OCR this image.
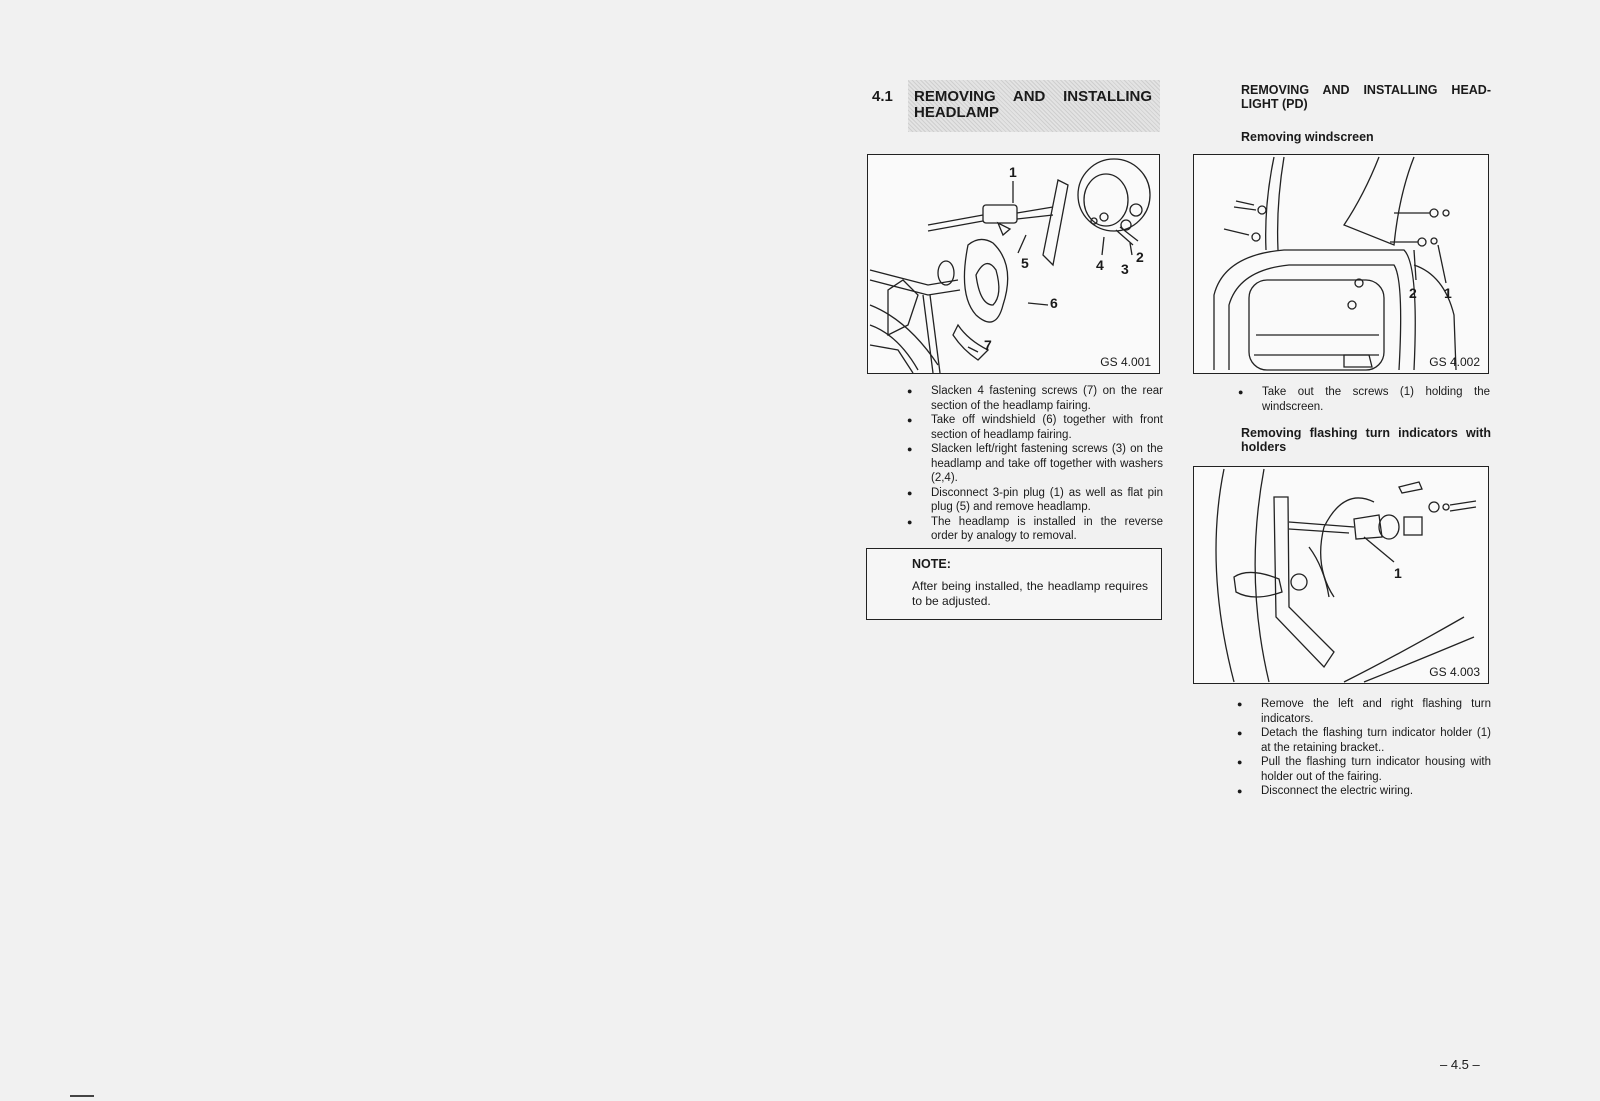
4.1 REMOVING AND INSTALLING
HEADLAMP
1
5	4 3
2
6
7
GS 4.001
● Slacken 4 fastening screws (7) on the rear section of the headlamp fairing.
● Take off windshield (6) together with front section of headlamp fairing.
● Slacken left/right fastening screws (3) on the headlamp and take off together with washers (2,4).
● Disconnect 3-pin plug (1) as well as flat pin plug (5) and remove headlamp.
● The headlamp is installed in the reverse order by analogy to removal.
NOTE:
After being installed, the headlamp requires to be adjusted.
REMOVING AND INSTALLING HEAD-
LIGHT (PD)
Removing windscreen
2 1
GS 4.002
● Take out the screws (1) holding the windscreen.
Removing flashing turn indicators with holders
1
GS 4.003
● Remove the left and right flashing turn indicators.
● Detach the flashing turn indicator holder (1) at the retaining bracket..
● Pull the flashing turn indicator housing with holder out of the fairing.
● Disconnect the electric wiring.
– 4.5 –
